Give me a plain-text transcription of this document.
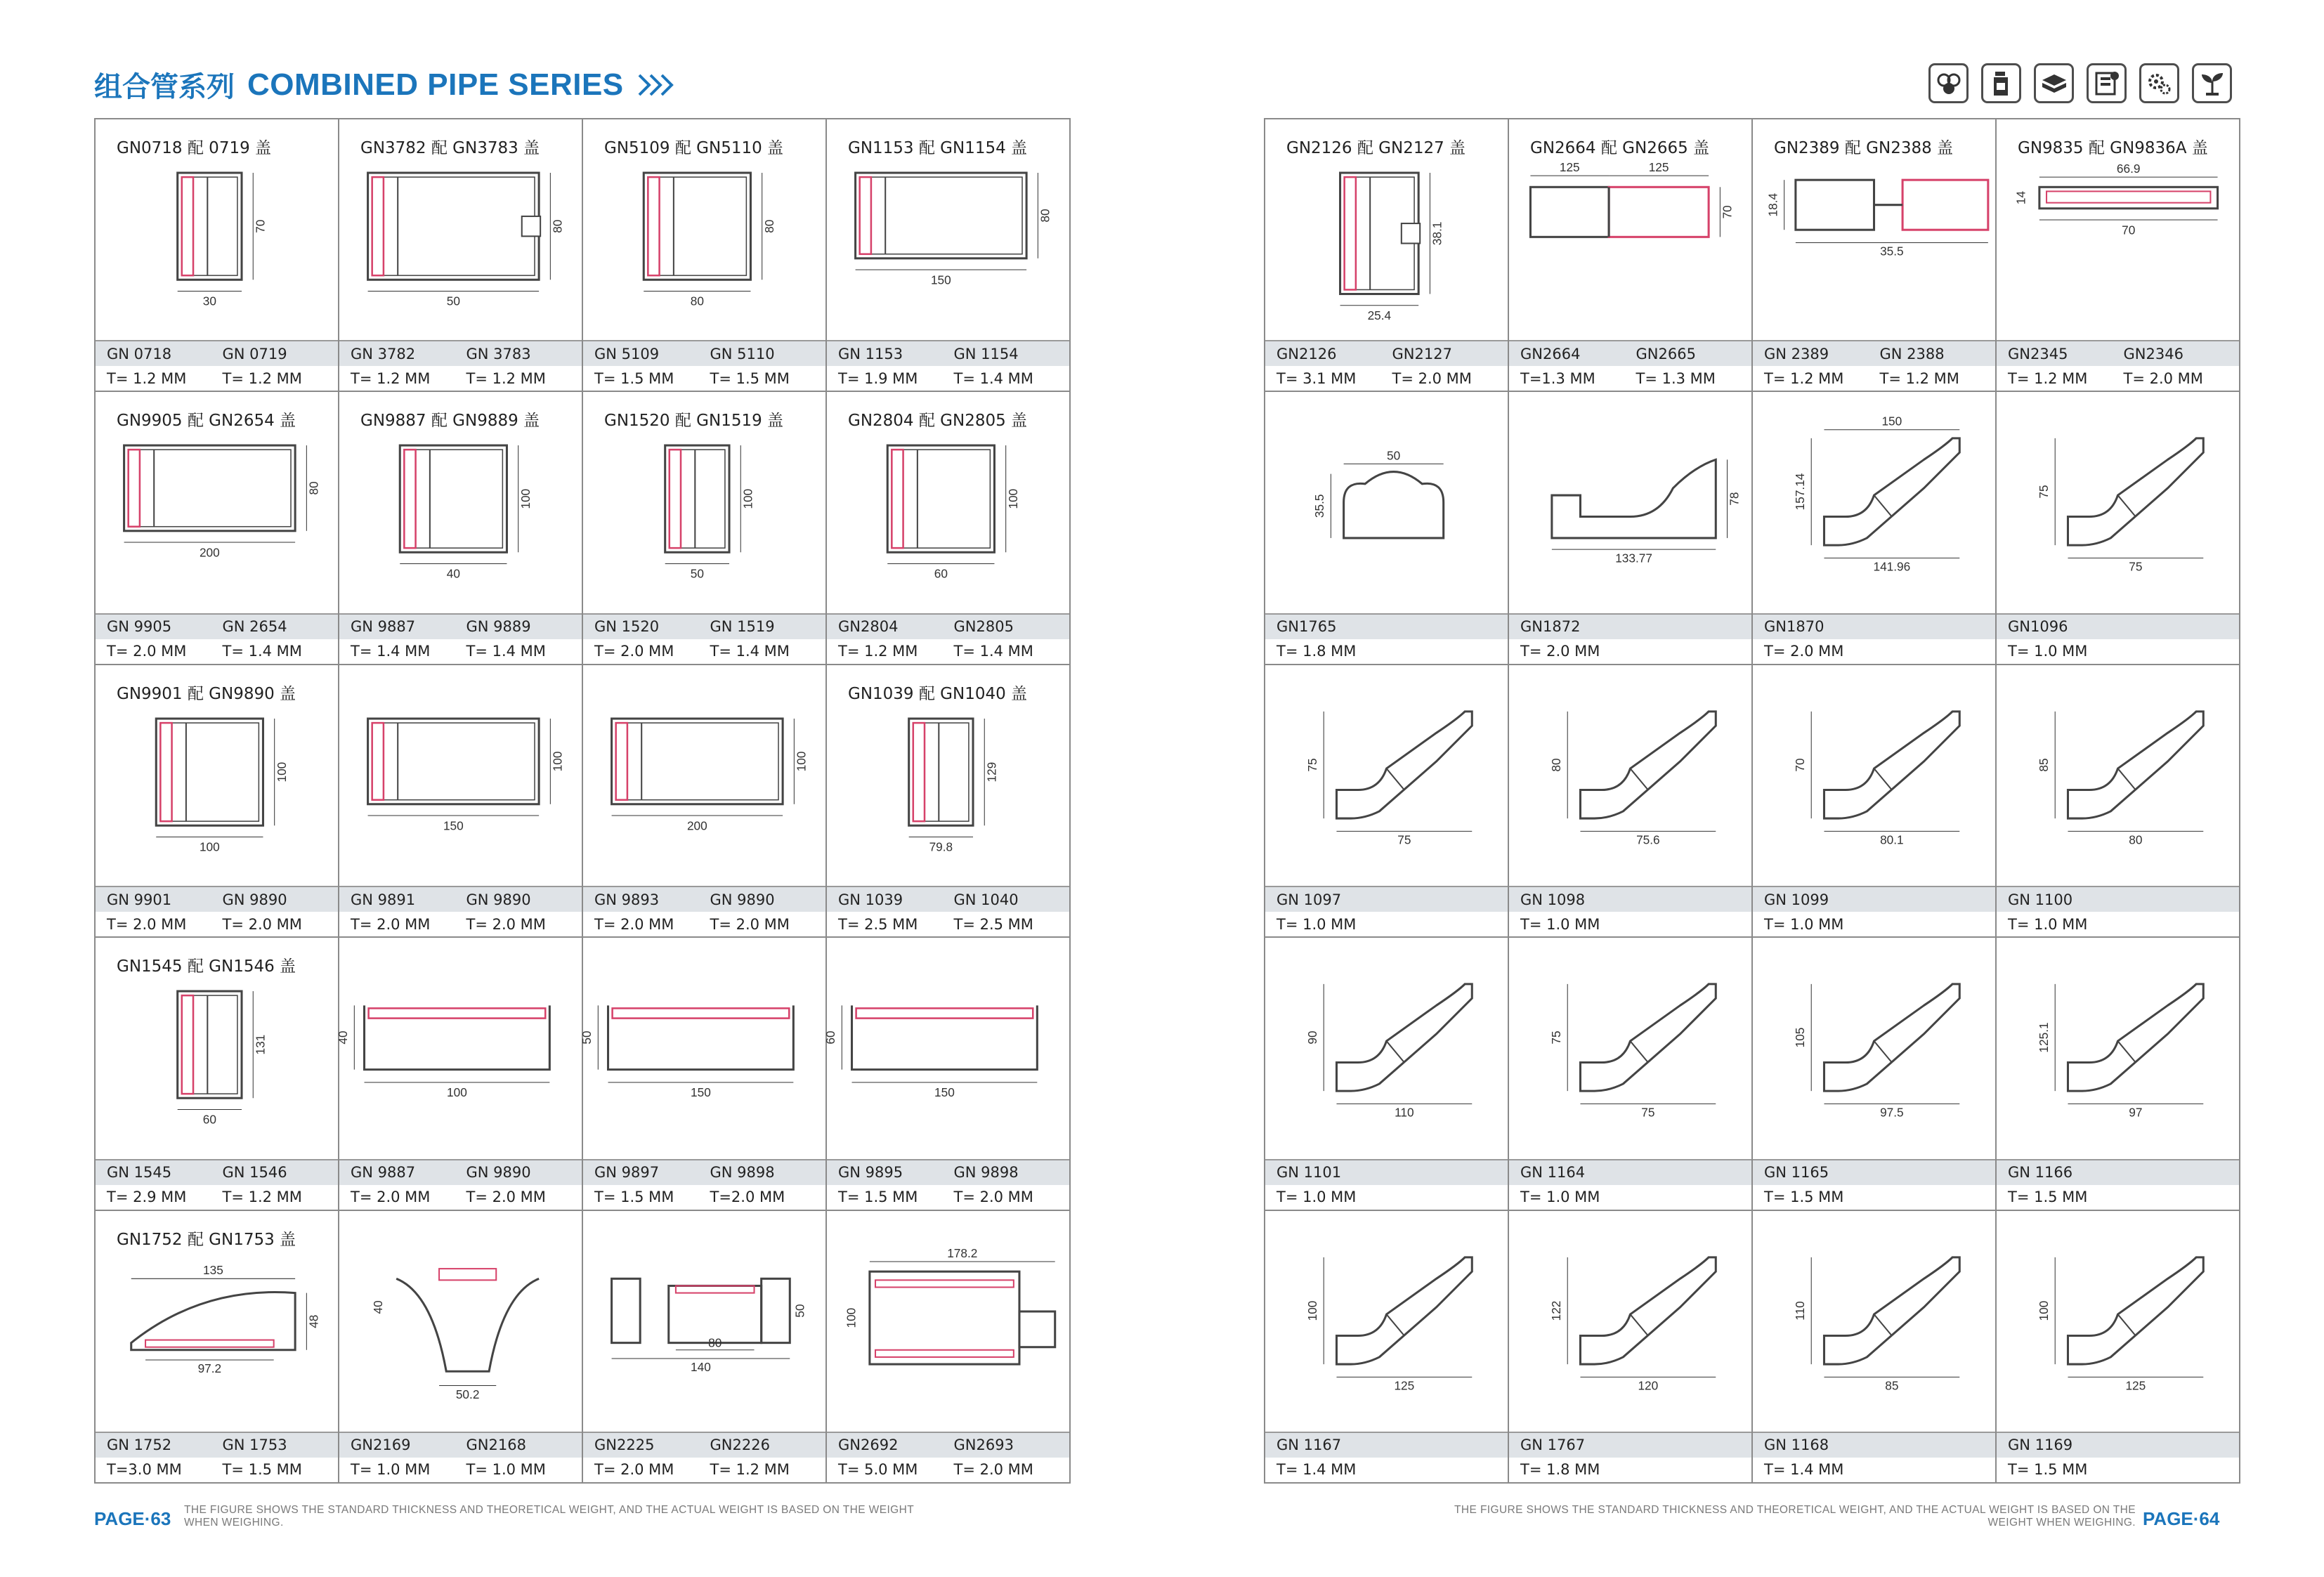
组合管系列 COMBINED PIPE SERIES
70
30
GN0718 配 0719 盖
GN 0718	GN 0719
T= 1.2 MM	T= 1.2 MM
80
50
GN3782 配 GN3783 盖
GN 3782	GN 3783
T= 1.2 MM	T= 1.2 MM
80
80
GN5109 配 GN5110 盖
GN 5109	GN 5110
T= 1.5 MM	T= 1.5 MM
80
150
GN1153 配 GN1154 盖
GN 1153	GN 1154
T= 1.9 MM	T= 1.4 MM
80
200
GN9905 配 GN2654 盖
GN 9905	GN 2654
T= 2.0 MM	T= 1.4 MM
100
40
GN9887 配 GN9889 盖
GN 9887	GN 9889
T= 1.4 MM	T= 1.4 MM
100
50
GN1520 配 GN1519 盖
GN 1520	GN 1519
T= 2.0 MM	T= 1.4 MM
100
60
GN2804 配 GN2805 盖
GN2804	GN2805
T= 1.2 MM	T= 1.4 MM
100
100
GN9901 配 GN9890 盖
GN 9901	GN 9890
T= 2.0 MM	T= 2.0 MM
100
150
GN 9891	GN 9890
T= 2.0 MM	T= 2.0 MM
100
200
GN 9893	GN 9890
T= 2.0 MM	T= 2.0 MM
129
79.8
GN1039 配 GN1040 盖
GN 1039	GN 1040
T= 2.5 MM	T= 2.5 MM
131
60
GN1545 配 GN1546 盖
GN 1545	GN 1546
T= 2.9 MM	T= 1.2 MM
40
100
GN 9887	GN 9890
T= 2.0 MM	T= 2.0 MM
50
150
GN 9897	GN 9898
T= 1.5 MM	T=2.0 MM
60
150
GN 9895	GN 9898
T= 1.5 MM	T= 2.0 MM
135
97.2
48
GN1752 配 GN1753 盖
GN 1752	GN 1753
T=3.0 MM	T= 1.5 MM
40
50.2
GN2169	GN2168
T= 1.0 MM	T= 1.0 MM
80
140
50
GN2225	GN2226
T= 2.0 MM	T= 1.2 MM
178.2
100
GN2692	GN2693
T= 5.0 MM	T= 2.0 MM
38.1
25.4
GN2126 配 GN2127 盖
GN2126	GN2127
T= 3.1 MM	T= 2.0 MM
125	125
70
GN2664 配 GN2665 盖
GN2664	GN2665
T=1.3 MM	T= 1.3 MM
18.4
35.5
GN2389 配 GN2388 盖
GN 2389	GN 2388
T= 1.2 MM	T= 1.2 MM
66.9
70
14
GN9835 配 GN9836A 盖
GN2345	GN2346
T= 1.2 MM	T= 2.0 MM
50
35.5
GN1765
T= 1.8 MM
78
133.77
GN1872
T= 2.0 MM
157.14
141.96
150
GN1870
T= 2.0 MM
75
75
GN1096
T= 1.0 MM
75
75
GN 1097
T= 1.0 MM
80
75.6
GN 1098
T= 1.0 MM
70
80.1
GN 1099
T= 1.0 MM
85
80
GN 1100
T= 1.0 MM
90
110
GN 1101
T= 1.0 MM
75
75
GN 1164
T= 1.0 MM
105
97.5
GN 1165
T= 1.5 MM
125.1
97
GN 1166
T= 1.5 MM
100
125
GN 1167
T= 1.4 MM
122
120
GN 1767
T= 1.8 MM
110
85
GN 1168
T= 1.4 MM
100
125
GN 1169
T= 1.5 MM
PAGE·63 THE FIGURE SHOWS THE STANDARD THICKNESS AND THEORETICAL WEIGHT, AND THE ACTUAL WEIGHT IS BASED ON THE WEIGHT WHEN WEIGHING.
THE FIGURE SHOWS THE STANDARD THICKNESS AND THEORETICAL WEIGHT, AND THE ACTUAL WEIGHT IS BASED ON THE WEIGHT WHEN WEIGHING. PAGE·64
